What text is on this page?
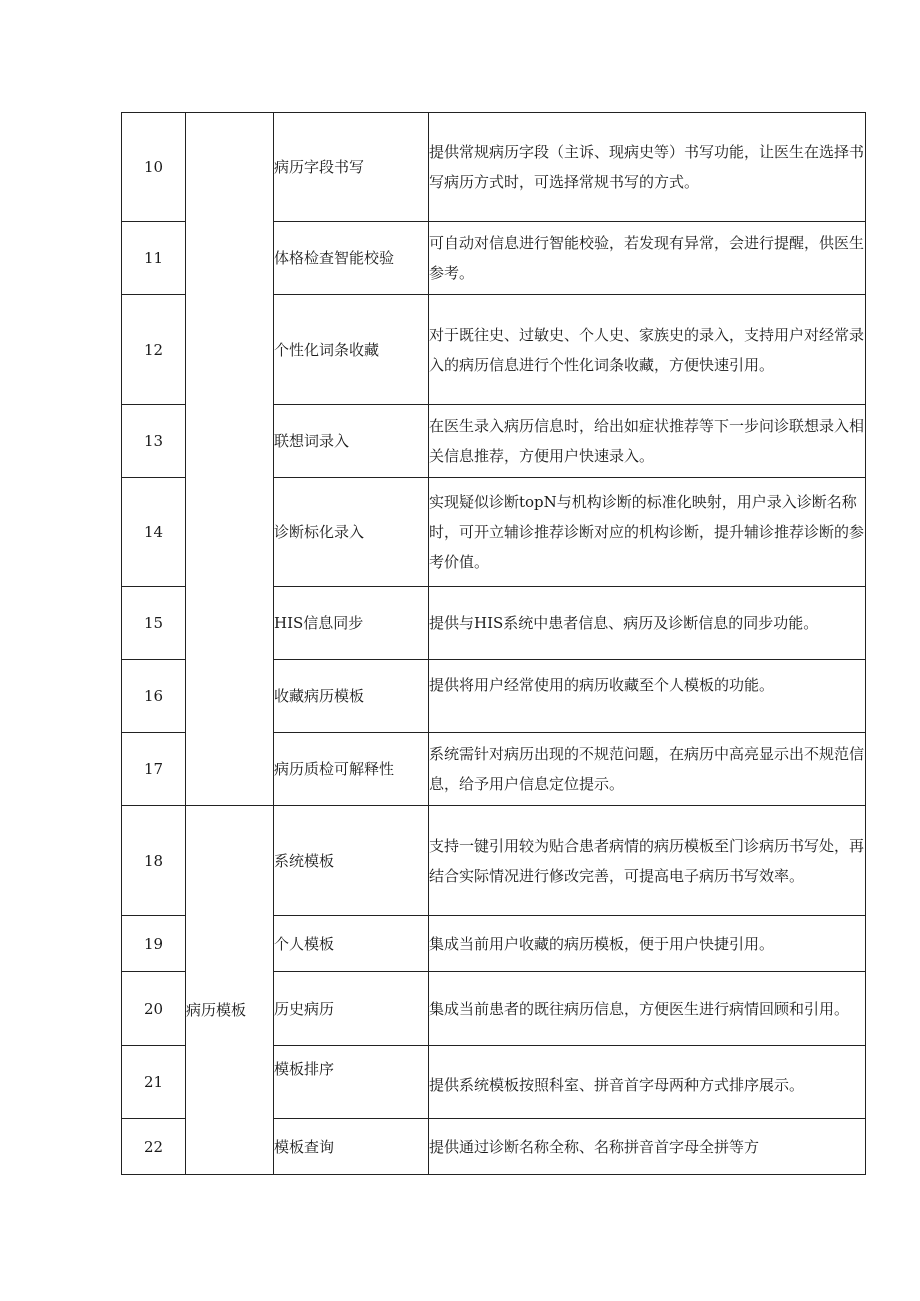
10		病历字段书写	提供常规病历字段（主诉、现病史等）书写功能，让医生在选择书写病历方式时，可选择常规书写的方式。
11		体格检查智能校验	可自动对信息进行智能校验，若发现有异常，会进行提醒，供医生参考。
12		个性化词条收藏	对于既往史、过敏史、个人史、家族史的录入，支持用户对经常录入的病历信息进行个性化词条收藏，方便快速引用。
13		联想词录入	在医生录入病历信息时，给出如症状推荐等下一步问诊联想录入相关信息推荐，方便用户快速录入。
14		诊断标化录入	实现疑似诊断topN与机构诊断的标准化映射，用户录入诊断名称时，可开立辅诊推荐诊断对应的机构诊断，提升辅诊推荐诊断的参考价值。
15		HIS信息同步	提供与HIS系统中患者信息、病历及诊断信息的同步功能。
16		收藏病历模板	提供将用户经常使用的病历收藏至个人模板的功能。
17		病历质检可解释性	系统需针对病历出现的不规范问题，在病历中高亮显示出不规范信息，给予用户信息定位提示。
18	病历模板	系统模板	支持一键引用较为贴合患者病情的病历模板至门诊病历书写处，再结合实际情况进行修改完善，可提高电子病历书写效率。
19		个人模板	集成当前用户收藏的病历模板，便于用户快捷引用。
20		历史病历	集成当前患者的既往病历信息，方便医生进行病情回顾和引用。
21		模板排序	提供系统模板按照科室、拼音首字母两种方式排序展示。
22		模板查询	提供通过诊断名称全称、名称拼音首字母全拼等方
